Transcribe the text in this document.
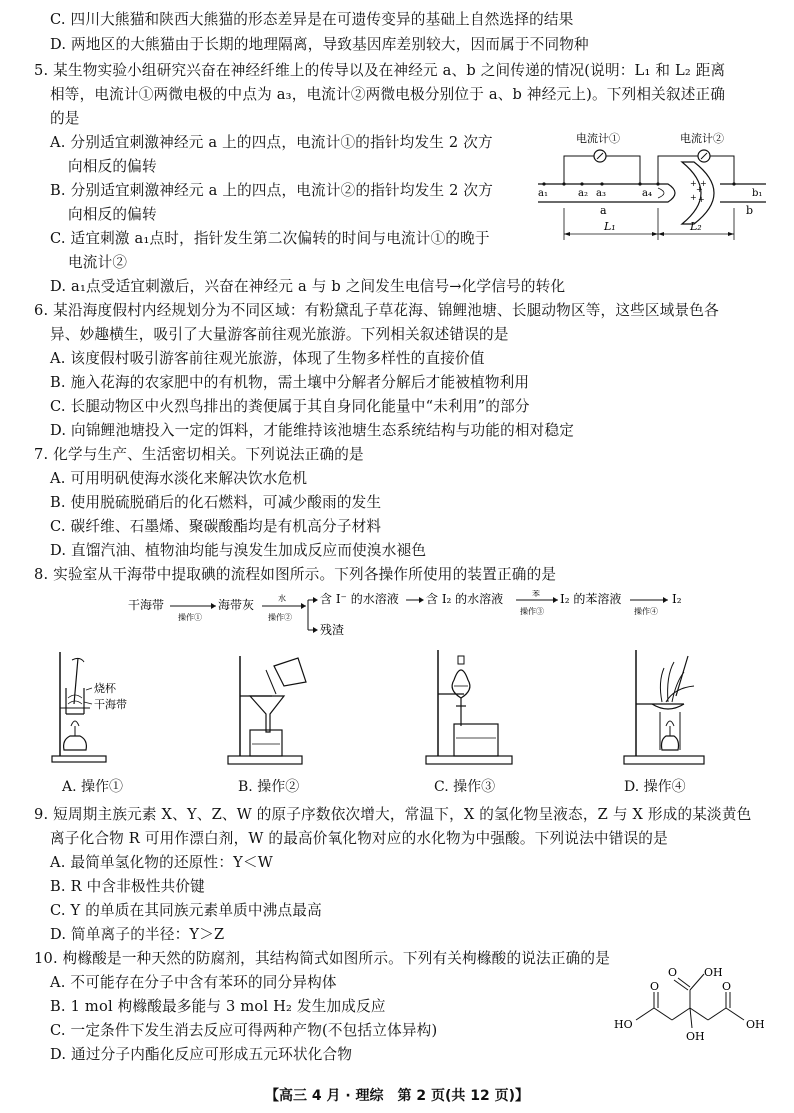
C. 四川大熊猫和陕西大熊猫的形态差异是在可遗传变异的基础上自然选择的结果
D. 两地区的大熊猫由于长期的地理隔离，导致基因库差别较大，因而属于不同物种
5. 某生物实验小组研究兴奋在神经纤维上的传导以及在神经元 a、b 之间传递的情况(说明：L₁ 和 L₂ 距离
相等，电流计①两微电极的中点为 a₃，电流计②两微电极分别位于 a、b 神经元上)。下列相关叙述正确
的是
A. 分别适宜刺激神经元 a 上的四点，电流计①的指针均发生 2 次方
向相反的偏转
B. 分别适宜刺激神经元 a 上的四点，电流计②的指针均发生 2 次方
向相反的偏转
C. 适宜刺激 a₁点时，指针发生第二次偏转的时间与电流计①的晚于
电流计②
D. a₁点受适宜刺激后，兴奋在神经元 a 与 b 之间发生电信号→化学信号的转化
电流计①	电流计②
+
+
+
+
+
a₁	a₂ a₃	a₄	b₁
a	b
L₁	L₂
6. 某沿海度假村内经规划分为不同区域：有粉黛乱子草花海、锦鲤池塘、长腿动物区等，这些区域景色各
异、妙趣横生，吸引了大量游客前往观光旅游。下列相关叙述错误的是
A. 该度假村吸引游客前往观光旅游，体现了生物多样性的直接价值
B. 施入花海的农家肥中的有机物，需土壤中分解者分解后才能被植物利用
C. 长腿动物区中火烈鸟排出的粪便属于其自身同化能量中“未利用”的部分
D. 向锦鲤池塘投入一定的饵料，才能维持该池塘生态系统结构与功能的相对稳定
7. 化学与生产、生活密切相关。下列说法正确的是
A. 可用明矾使海水淡化来解决饮水危机
B. 使用脱硫脱硝后的化石燃料，可减少酸雨的发生
C. 碳纤维、石墨烯、聚碳酸酯均是有机高分子材料
D. 直馏汽油、植物油均能与溴发生加成反应而使溴水褪色
8. 实验室从干海带中提取碘的流程如图所示。下列各操作所使用的装置正确的是
干海带
操作①
海带灰	水
操作②
含 I⁻ 的水溶液
残渣
含 I₂ 的水溶液	苯
操作③
I₂ 的苯溶液
操作④
I₂
烧杯
干海带
A. 操作①	B. 操作②	C. 操作③	D. 操作④
9. 短周期主族元素 X、Y、Z、W 的原子序数依次增大，常温下，X 的氢化物呈液态，Z 与 X 形成的某淡黄色
离子化合物 R 可用作漂白剂，W 的最高价氧化物对应的水化物为中强酸。下列说法中错误的是
A. 最简单氢化物的还原性：Y＜W
B. R 中含非极性共价键
C. Y 的单质在其同族元素单质中沸点最高
D. 简单离子的半径：Y＞Z
10. 枸橼酸是一种天然的防腐剂，其结构简式如图所示。下列有关枸橼酸的说法正确的是
A. 不可能存在分子中含有苯环的同分异构体
B. 1 mol 枸橼酸最多能与 3 mol H₂ 发生加成反应
C. 一定条件下发生消去反应可得两种产物(不包括立体异构)
D. 通过分子内酯化反应可形成五元环状化合物
OH
O
OH
O
HO
O
OH
【高三 4 月 · 理综　第 2 页(共 12 页)】
